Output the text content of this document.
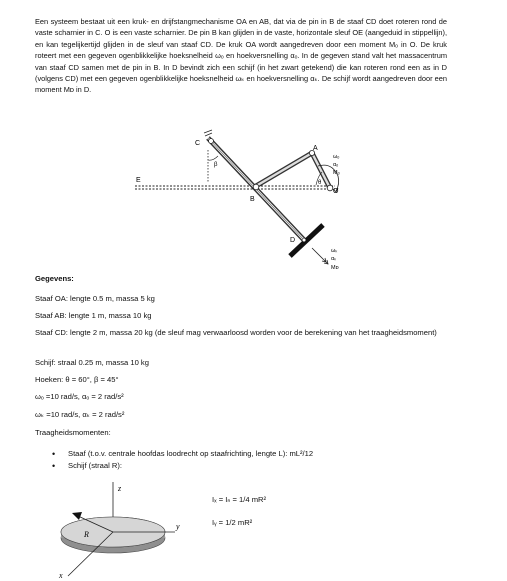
Een systeem bestaat uit een kruk- en drijfstangmechanisme OA en AB, dat via de pin in B de staaf CD doet roteren rond de vaste scharnier in C. O is een vaste scharnier. De pin B kan glijden in de vaste, horizontale sleuf OE (aangeduid in stippellijn), en kan tegelijkertijd glijden in de sleuf van staaf CD. De kruk OA wordt aangedreven door een moment Mₒ in O. De kruk roteert met een gegeven ogenblikkelijke hoeksnelheid ωₒ en hoekversnelling αₒ. In de gegeven stand valt het massacentrum van staaf CD samen met de pin in B. In D bevindt zich een schijf (in het zwart getekend) die kan roteren rond een as in D (volgens CD) met een gegeven ogenblikkelijke hoeksnelheid ωₖ en hoekversnelling αₖ. De schijf wordt aangedreven door een moment Mᴅ in D.

C
β
E
B
A
θ
O
D
ωₒ
αₒ
Mₒ
ωₖ
αₖ
Mᴅ
Gegevens:
Staaf OA: lengte 0.5 m, massa 5 kg
Staaf AB: lengte 1 m, massa 10 kg
Staaf CD: lengte 2 m, massa 20 kg (de sleuf mag verwaarloosd worden voor de berekening van het traagheidsmoment)
Schijf: straal 0.25 m, massa 10 kg
Hoeken: θ = 60°, β = 45°
ωₒ =10 rad/s, αₒ = 2 rad/s²
ωₖ =10 rad/s, αₖ = 2 rad/s²
Traagheidsmomenten:
• Staaf (t.o.v. centrale hoofdas loodrecht op staafrichting, lengte L): mL²/12
• Schijf (straal R):
z
y
R
x
Iₓ = Iₙ = 1/4 mR²
Iᵧ = 1/2 mR²
